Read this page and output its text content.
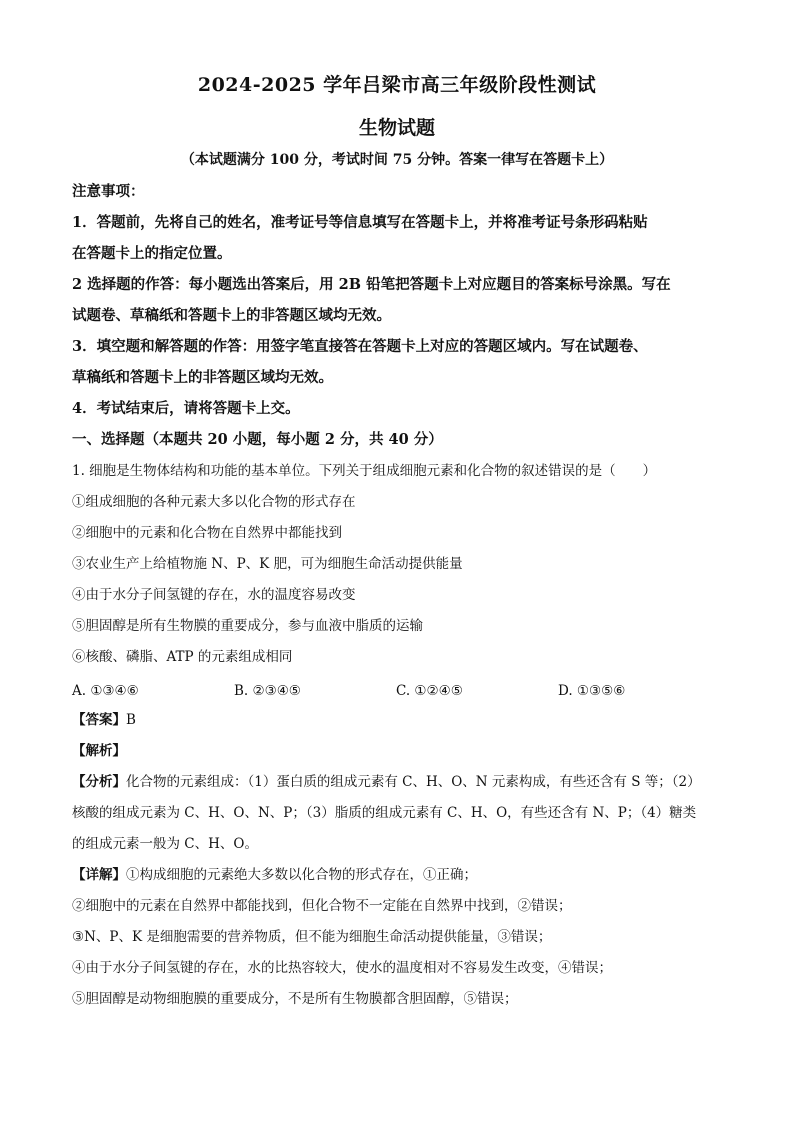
2024-2025 学年吕梁市高三年级阶段性测试
生物试题
（本试题满分 100 分，考试时间 75 分钟。答案一律写在答题卡上）
注意事项：
1．答题前，先将自己的姓名，准考证号等信息填写在答题卡上，并将准考证号条形码粘贴
在答题卡上的指定位置。
2 选择题的作答：每小题选出答案后，用 2B 铅笔把答题卡上对应题目的答案标号涂黑。写在
试题卷、草稿纸和答题卡上的非答题区域均无效。
3．填空题和解答题的作答：用签字笔直接答在答题卡上对应的答题区域内。写在试题卷、
草稿纸和答题卡上的非答题区域均无效。
4．考试结束后，请将答题卡上交。
一、选择题（本题共 20 小题，每小题 2 分，共 40 分）
1. 细胞是生物体结构和功能的基本单位。下列关于组成细胞元素和化合物的叙述错误的是（　　）
①组成细胞的各种元素大多以化合物的形式存在
②细胞中的元素和化合物在自然界中都能找到
③农业生产上给植物施 N、P、K 肥，可为细胞生命活动提供能量
④由于水分子间氢键的存在，水的温度容易改变
⑤胆固醇是所有生物膜的重要成分，参与血液中脂质的运输
⑥核酸、磷脂、ATP 的元素组成相同
A. ①③④⑥	B. ②③④⑤	C. ①②④⑤	D. ①③⑤⑥
【答案】B
【解析】
【分析】化合物的元素组成：（1）蛋白质的组成元素有 C、H、O、N 元素构成，有些还含有 S 等；（2）
核酸的组成元素为 C、H、O、N、P；（3）脂质的组成元素有 C、H、O，有些还含有 N、P；（4）糖类
的组成元素一般为 C、H、O。
【详解】①构成细胞的元素绝大多数以化合物的形式存在，①正确；
②细胞中的元素在自然界中都能找到，但化合物不一定能在自然界中找到，②错误；
③N、P、K 是细胞需要的营养物质，但不能为细胞生命活动提供能量，③错误；
④由于水分子间氢键的存在，水的比热容较大，使水的温度相对不容易发生改变，④错误；
⑤胆固醇是动物细胞膜的重要成分，不是所有生物膜都含胆固醇，⑤错误；
